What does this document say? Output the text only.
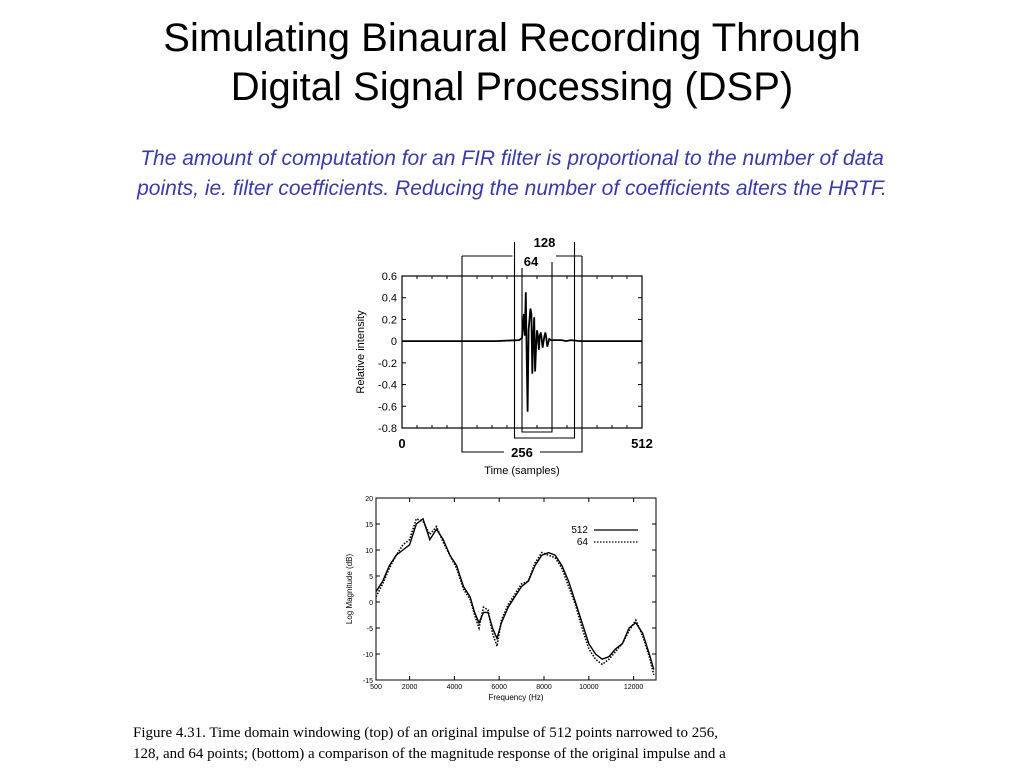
Simulating Binaural Recording Through
Digital Signal Processing (DSP)
The amount of computation for an FIR filter is proportional to the number of data
points, ie. filter coefficients. Reducing the number of coefficients alters the HRTF.
0.6
0.4
0.2
0
-0.2
-0.4
-0.6
-0.8
0	512
Time (samples)
Relative intensity
256
128
64
20
15
10
5
0
-5
-10
-15
500	2000	4000	6000	8000	10000	12000
Frequency (Hz)
Log Magnitude (dB)
512
64
Figure 4.31. Time domain windowing (top) of an original impulse of 512 points narrowed to 256,
128, and 64 points; (bottom) a comparison of the magnitude response of the original impulse and a
